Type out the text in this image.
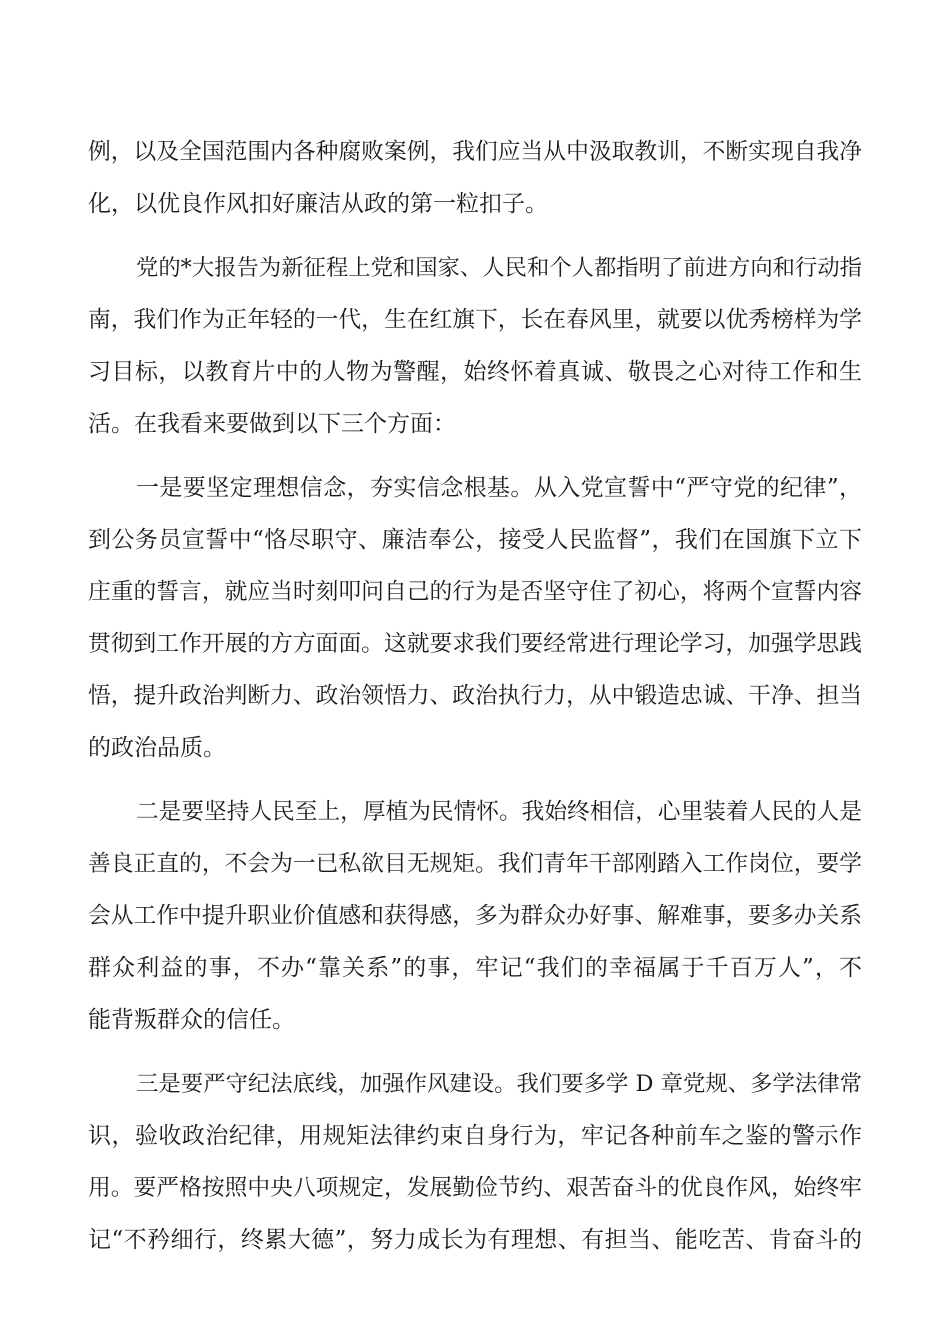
例，以及全国范围内各种腐败案例，我们应当从中汲取教训，不断实现自我净
化，以优良作风扣好廉洁从政的第一粒扣子。

党的*大报告为新征程上党和国家、人民和个人都指明了前进方向和行动指

南，我们作为正年轻的一代，生在红旗下，长在春风里，就要以优秀榜样为学
习目标，以教育片中的人物为警醒，始终怀着真诚、敬畏之心对待工作和生
活。在我看来要做到以下三个方面：

一是要坚定理想信念，夯实信念根基。从入党宣誓中“严守党的纪律”，

到公务员宣誓中“恪尽职守、廉洁奉公，接受人民监督”，我们在国旗下立下
庄重的誓言，就应当时刻叩问自己的行为是否坚守住了初心，将两个宣誓内容
贯彻到工作开展的方方面面。这就要求我们要经常进行理论学习，加强学思践
悟，提升政治判断力、政治领悟力、政治执行力，从中锻造忠诚、干净、担当
的政治品质。

二是要坚持人民至上，厚植为民情怀。我始终相信，心里装着人民的人是

善良正直的，不会为一已私欲目无规矩。我们青年干部刚踏入工作岗位，要学
会从工作中提升职业价值感和获得感，多为群众办好事、解难事，要多办关系
群众利益的事，不办“靠关系”的事，牢记“我们的幸福属于千百万人”，不
能背叛群众的信任。

三是要严守纪法底线，加强作风建设。我们要多学 D 章党规、多学法律常

识，验收政治纪律，用规矩法律约束自身行为，牢记各种前车之鉴的警示作
用。要严格按照中央八项规定，发展勤俭节约、艰苦奋斗的优良作风，始终牢
记“不矜细行，终累大德”，努力成长为有理想、有担当、能吃苦、肯奋斗的
